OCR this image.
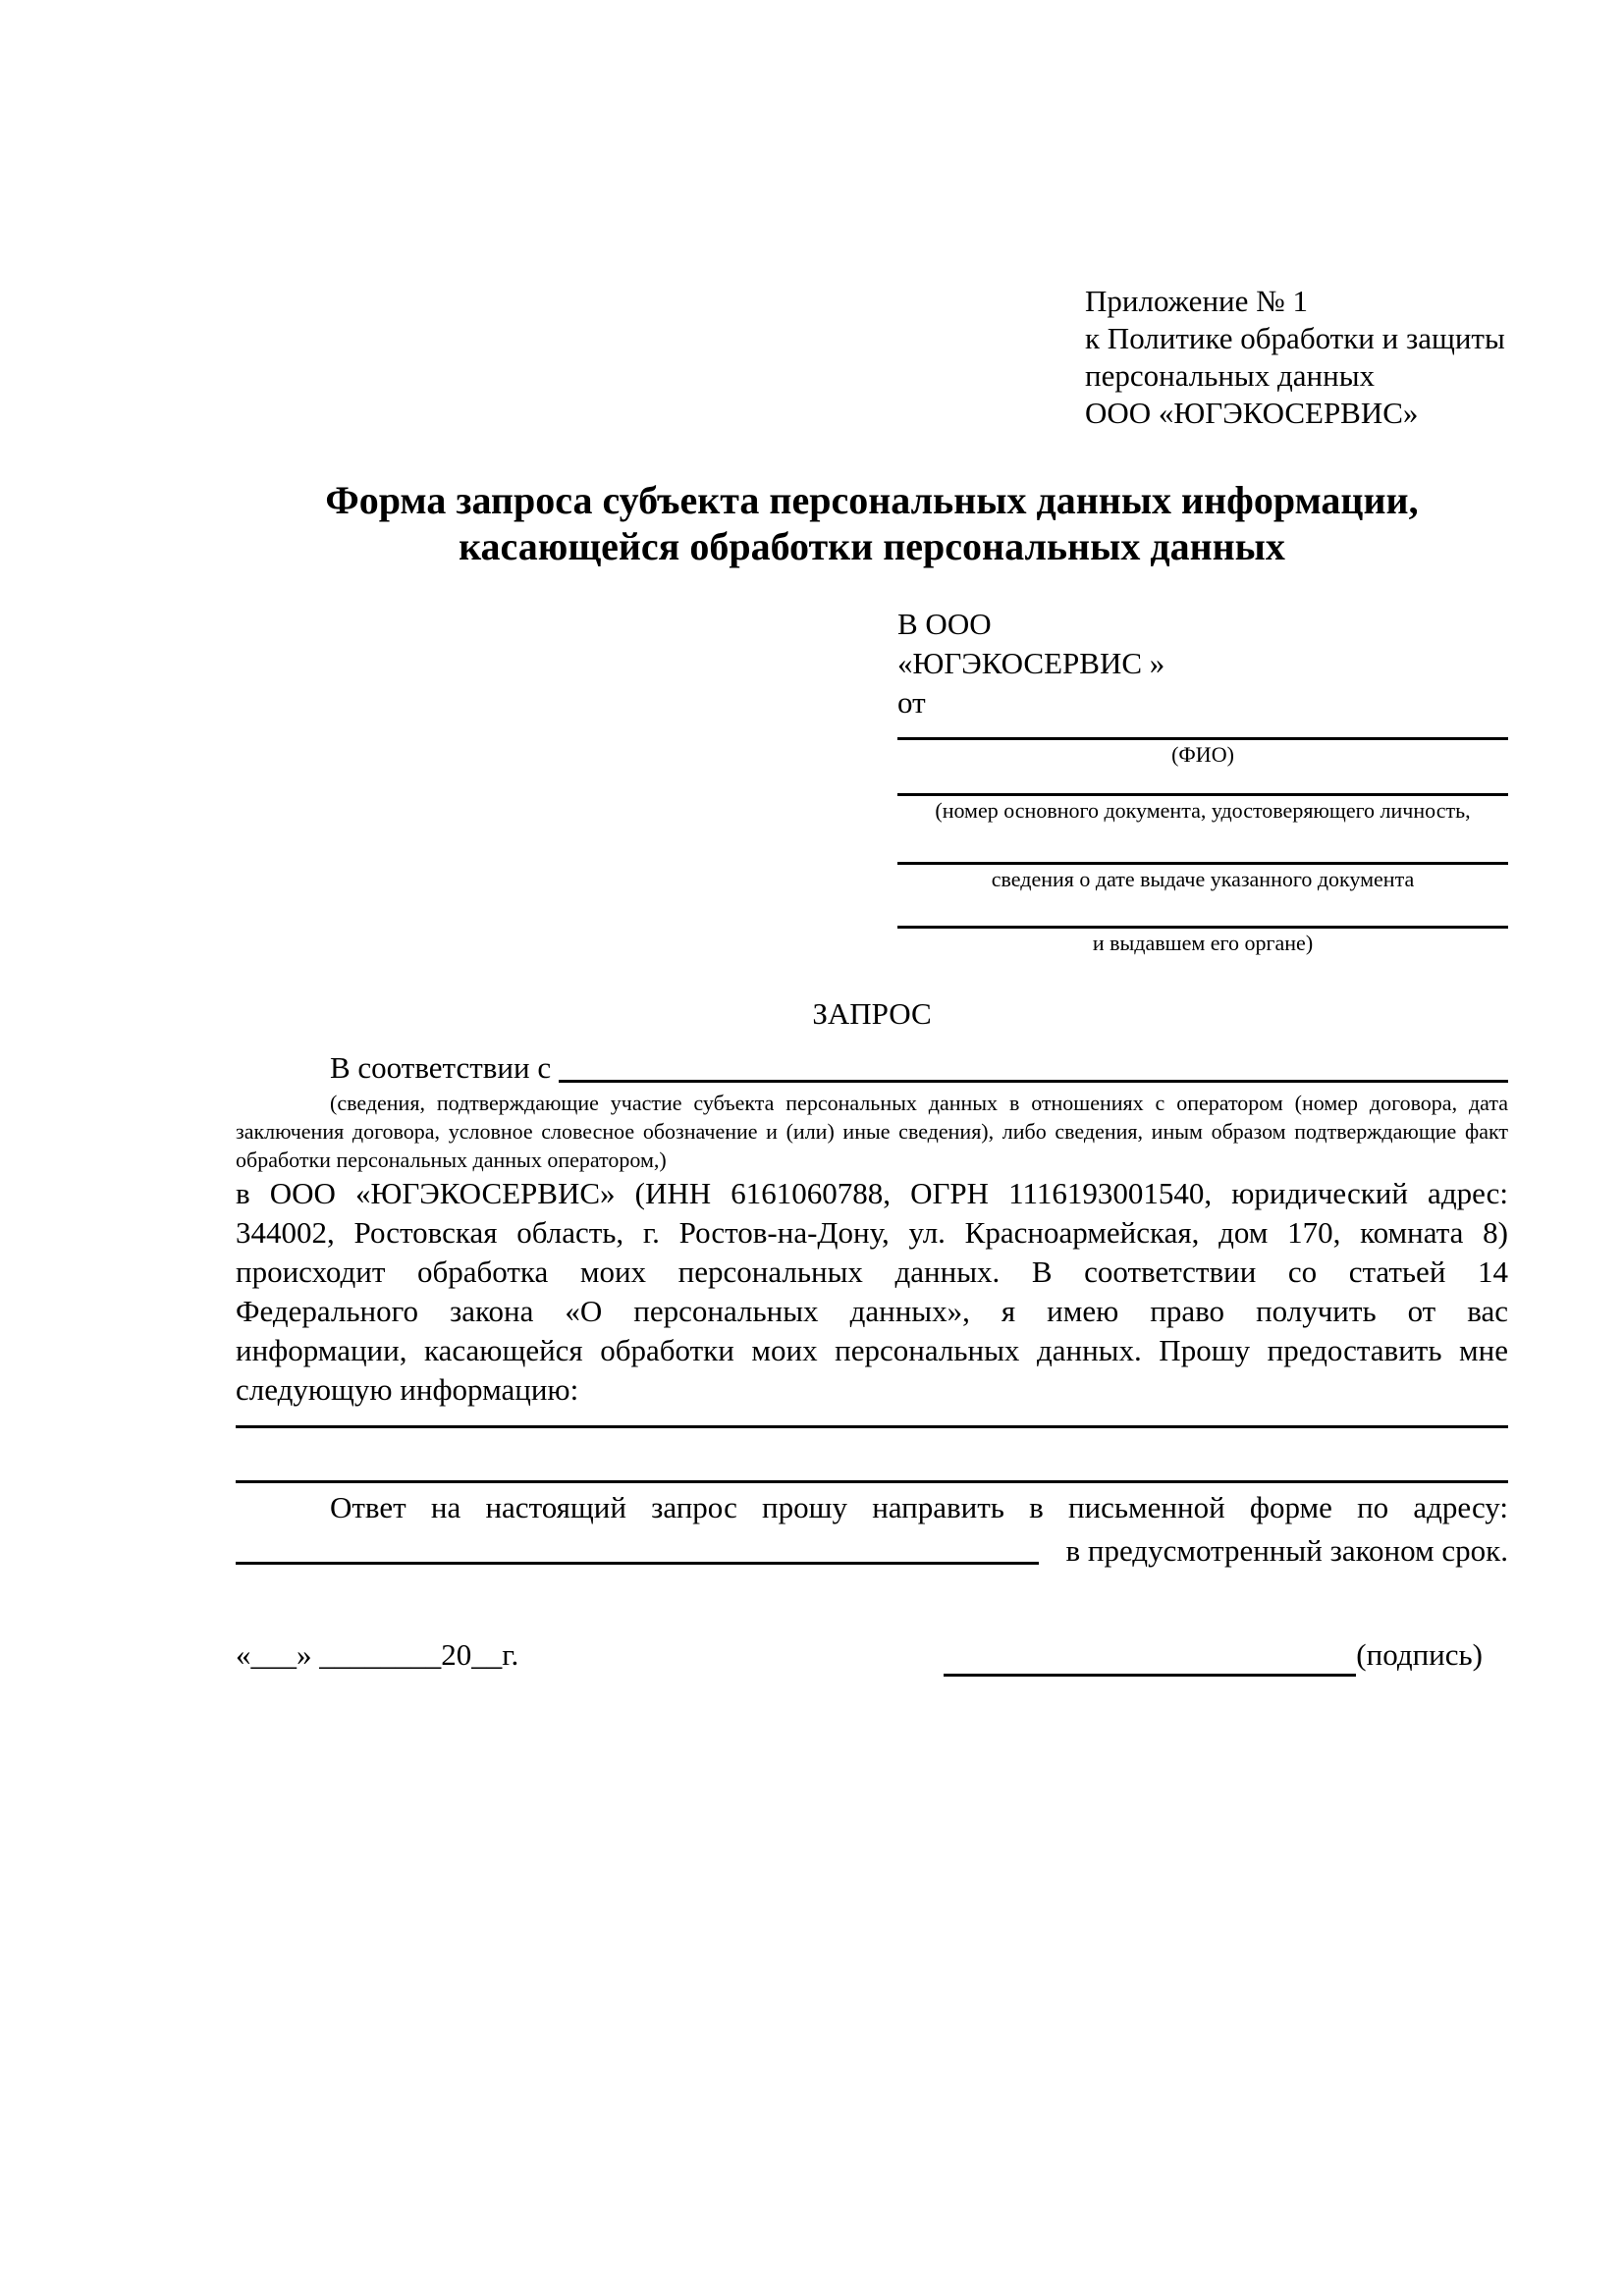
Приложение № 1
к Политике обработки и защиты
персональных данных
ООО «ЮГЭКОСЕРВИС»
Форма запроса субъекта персональных данных информации,
касающейся обработки персональных данных
В ООО
«ЮГЭКОСЕРВИС »
от
(ФИО)
(номер основного документа, удостоверяющего личность,
сведения о дате выдаче указанного документа
и выдавшем его органе)
ЗАПРОС
В соответствии с
(сведения, подтверждающие участие субъекта персональных данных в отношениях с оператором (номер договора, дата
заключения договора, условное словесное обозначение и (или) иные сведения), либо сведения, иным образом подтверждающие факт
обработки персональных данных оператором,)
в ООО «ЮГЭКОСЕРВИС» (ИНН 6161060788, ОГРН 1116193001540, юридический адрес:
344002, Ростовская область, г. Ростов-на-Дону, ул. Красноармейская, дом 170, комната 8)
происходит обработка моих персональных данных. В соответствии со статьей 14
Федерального закона «О персональных данных», я имею право получить от вас
информации, касающейся обработки моих персональных данных. Прошу предоставить мне
следующую информацию:
Ответ на настоящий запрос прошу направить в письменной форме по адресу:
в предусмотренный законом срок.
«___» ________20__г.	(подпись)
